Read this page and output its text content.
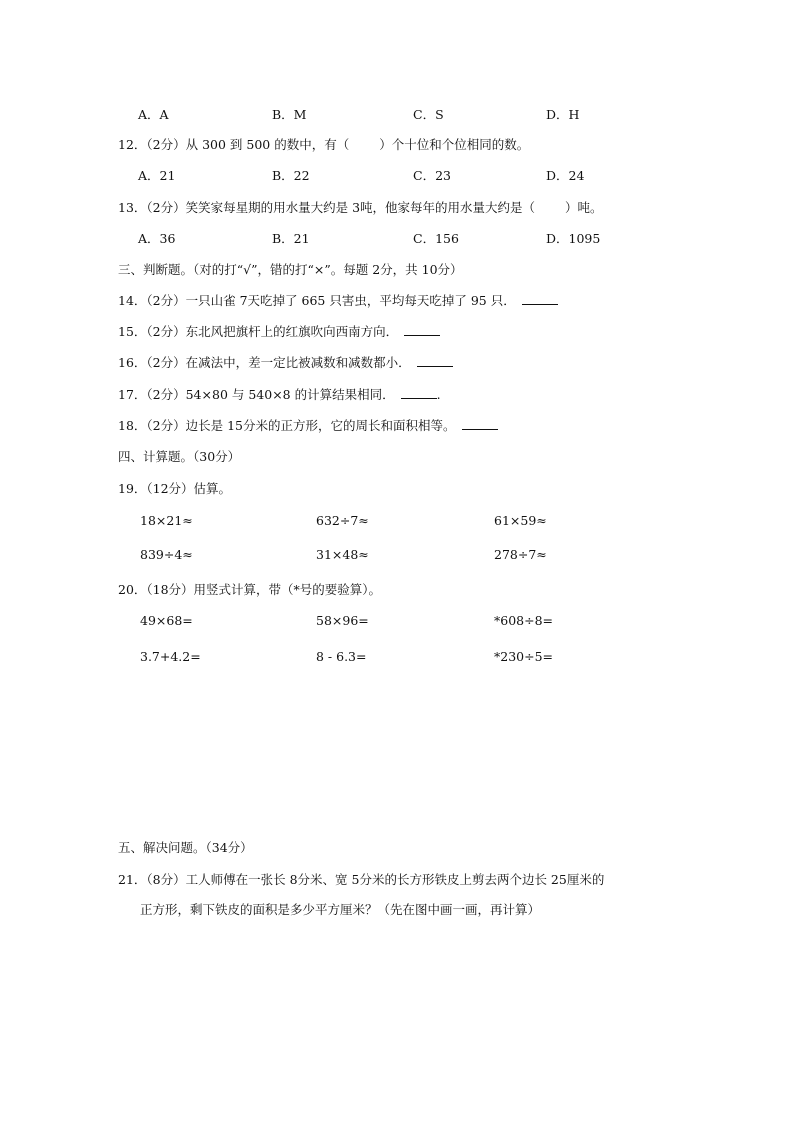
A．A	B．M	C．S	D．H
12．（2分）从 300 到 500 的数中，有（ ）个十位和个位相同的数。
A．21	B．22	C．23	D．24
13．（2分）笑笑家每星期的用水量大约是 3吨，他家每年的用水量大约是（ ）吨。
A．36	B．21	C．156	D．1095
三、判断题。（对的打“√”，错的打“×”。每题 2分，共 10分）
14．（2分）一只山雀 7天吃掉了 665 只害虫，平均每天吃掉了 95 只．
15．（2分）东北风把旗杆上的红旗吹向西南方向．
16．（2分）在减法中，差一定比被减数和减数都小．
17．（2分）54×80 与 540×8 的计算结果相同．	.
18．（2分）边长是 15分米的正方形，它的周长和面积相等。
四、计算题。（30分）
19．（12分）估算。
18×21≈	632÷7≈	61×59≈
839÷4≈	31×48≈	278÷7≈
20．（18分）用竖式计算，带（*号的要验算）。
49×68=	58×96=	*608÷8=
3.7+4.2=	8 - 6.3=	*230÷5=
五、解决问题。（34分）
21．（8分）工人师傅在一张长 8分米、宽 5分米的长方形铁皮上剪去两个边长 25厘米的
正方形，剩下铁皮的面积是多少平方厘米？（先在图中画一画，再计算）
